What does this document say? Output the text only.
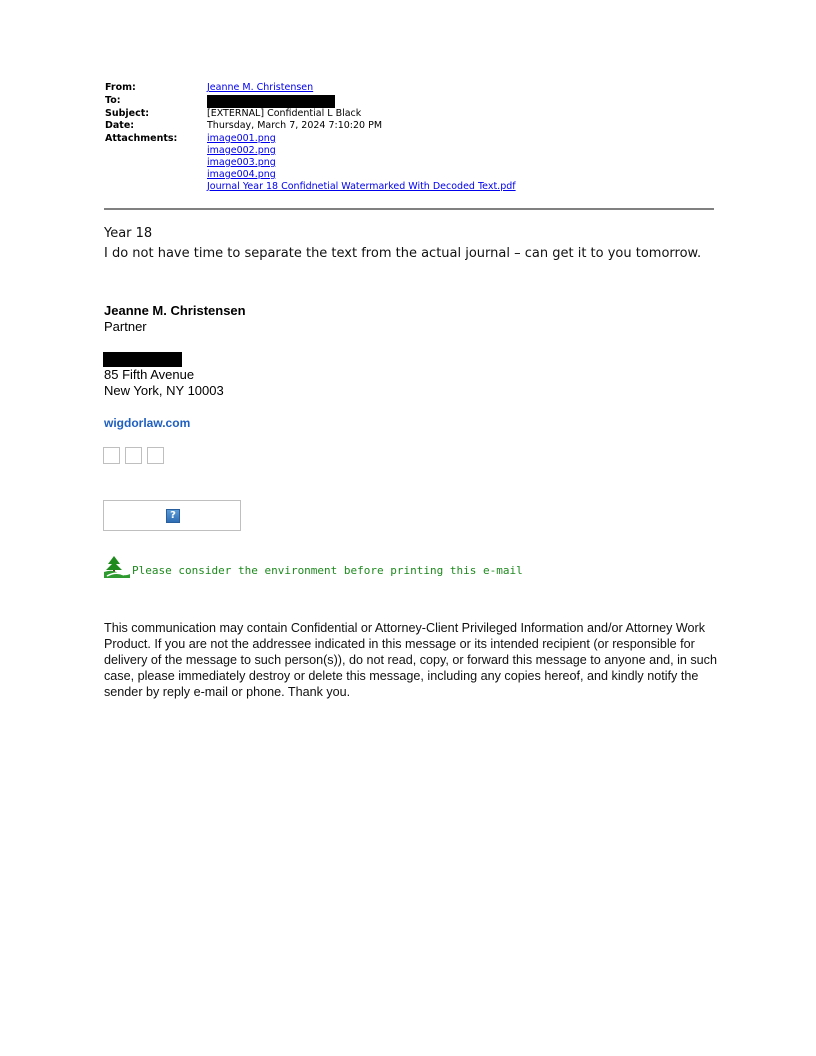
From:	Jeanne M. Christensen
To:
Subject:	[EXTERNAL] Confidential L Black
Date:	Thursday, March 7, 2024 7:10:20 PM
Attachments:	image001.png
image002.png
image003.png
image004.png
Journal Year 18 Confidnetial Watermarked With Decoded Text.pdf
Year 18
I do not have time to separate the text from the actual journal – can get it to you tomorrow.
Jeanne M. Christensen
Partner
85 Fifth Avenue
New York, NY 10003
wigdorlaw.com
?
Please consider the environment before printing this e-mail
This communication may contain Confidential or Attorney-Client Privileged Information and/or Attorney Work Product. If you are not the addressee indicated in this message or its intended recipient (or responsible for delivery of the message to such person(s)), do not read, copy, or forward this message to anyone and, in such case, please immediately destroy or delete this message, including any copies hereof, and kindly notify the sender by reply e-mail or phone. Thank you.
